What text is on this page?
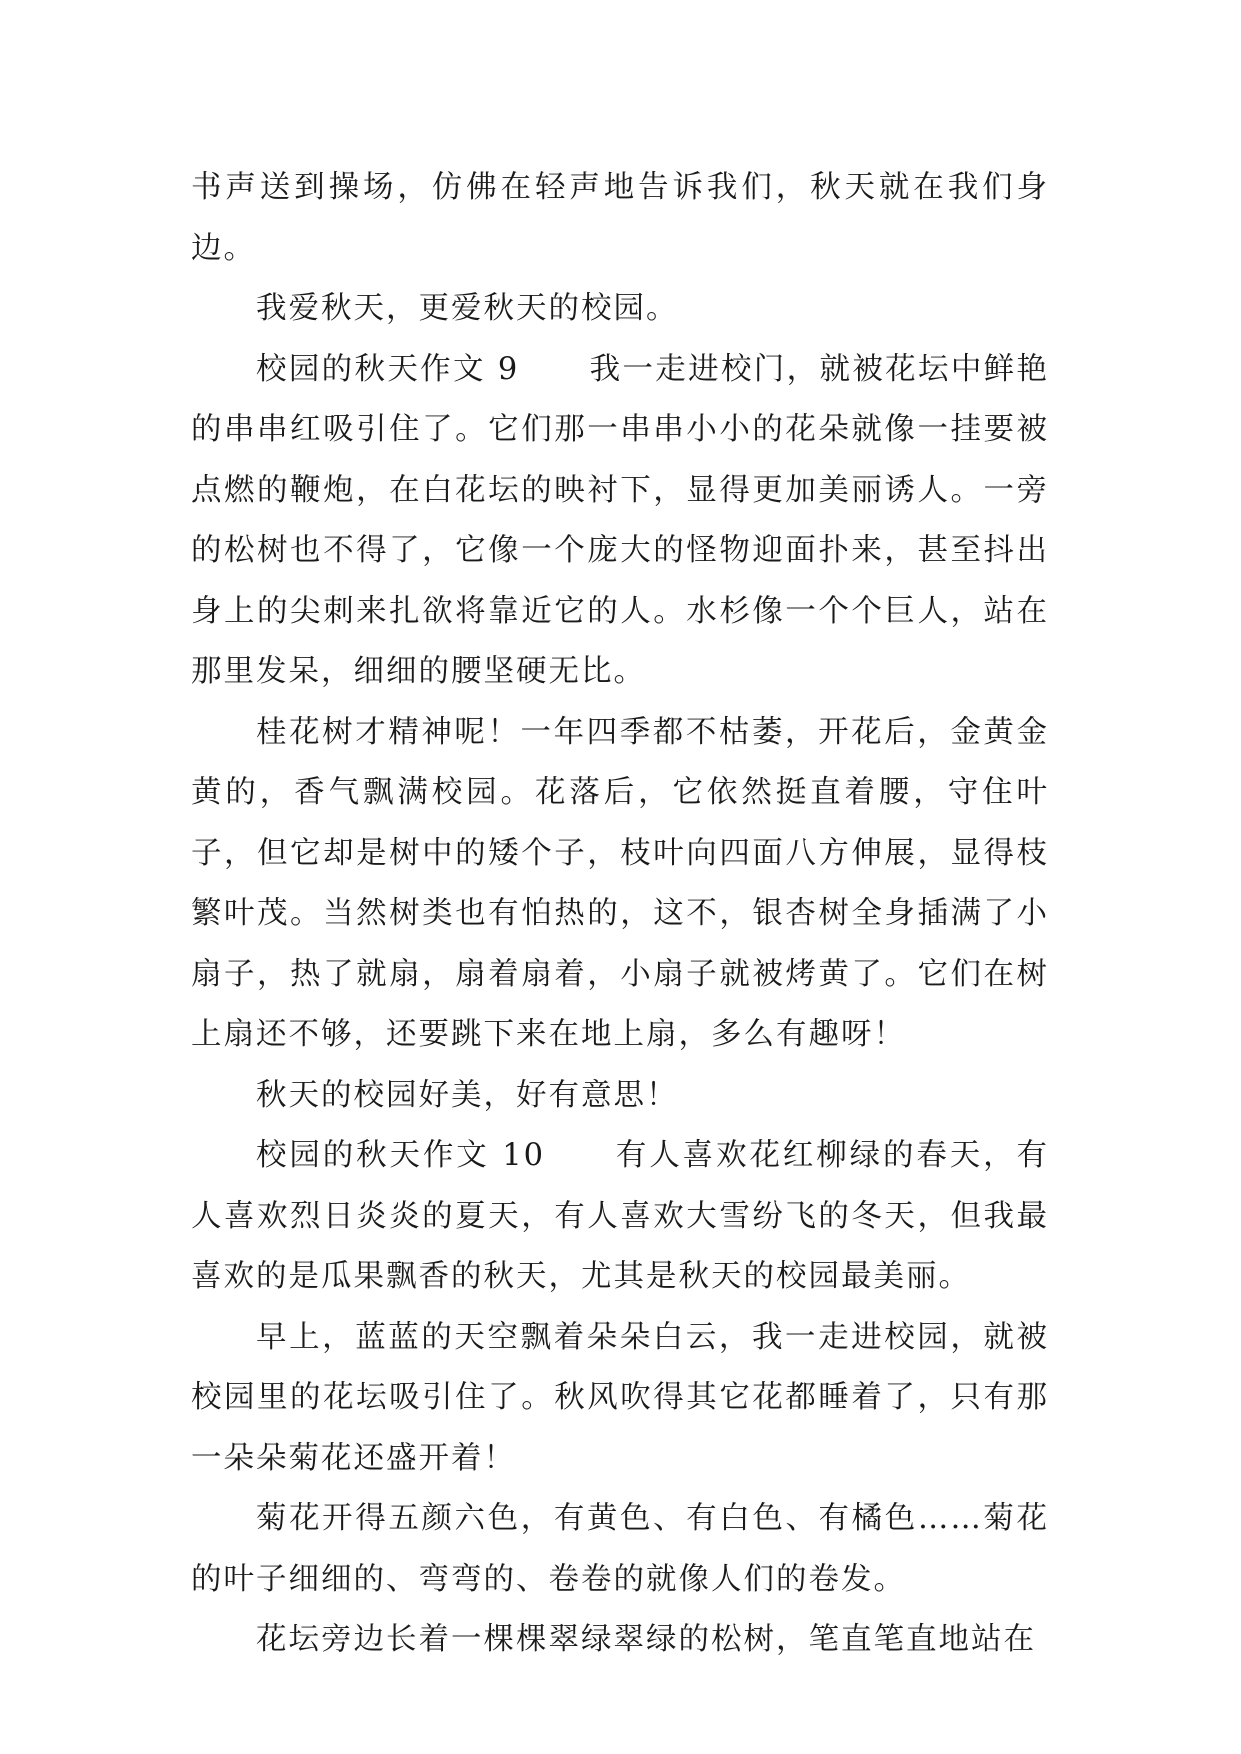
书声送到操场，仿佛在轻声地告诉我们，秋天就在我们身边。

我爱秋天，更爱秋天的校园。

校园的秋天作文 9 我一走进校门，就被花坛中鲜艳的串串红吸引住了。它们那一串串小小的花朵就像一挂要被点燃的鞭炮，在白花坛的映衬下，显得更加美丽诱人。一旁的松树也不得了，它像一个庞大的怪物迎面扑来，甚至抖出身上的尖刺来扎欲将靠近它的人。水杉像一个个巨人，站在那里发呆，细细的腰坚硬无比。

桂花树才精神呢！一年四季都不枯萎，开花后，金黄金黄的，香气飘满校园。花落后，它依然挺直着腰，守住叶子，但它却是树中的矮个子，枝叶向四面八方伸展，显得枝繁叶茂。当然树类也有怕热的，这不，银杏树全身插满了小扇子，热了就扇，扇着扇着，小扇子就被烤黄了。它们在树上扇还不够，还要跳下来在地上扇，多么有趣呀！

秋天的校园好美，好有意思！

校园的秋天作文 10 有人喜欢花红柳绿的春天，有人喜欢烈日炎炎的夏天，有人喜欢大雪纷飞的冬天，但我最喜欢的是瓜果飘香的秋天，尤其是秋天的校园最美丽。

早上，蓝蓝的天空飘着朵朵白云，我一走进校园，就被校园里的花坛吸引住了。秋风吹得其它花都睡着了，只有那一朵朵菊花还盛开着！

菊花开得五颜六色，有黄色、有白色、有橘色……菊花的叶子细细的、弯弯的、卷卷的就像人们的卷发。

花坛旁边长着一棵棵翠绿翠绿的松树，笔直笔直地站在
